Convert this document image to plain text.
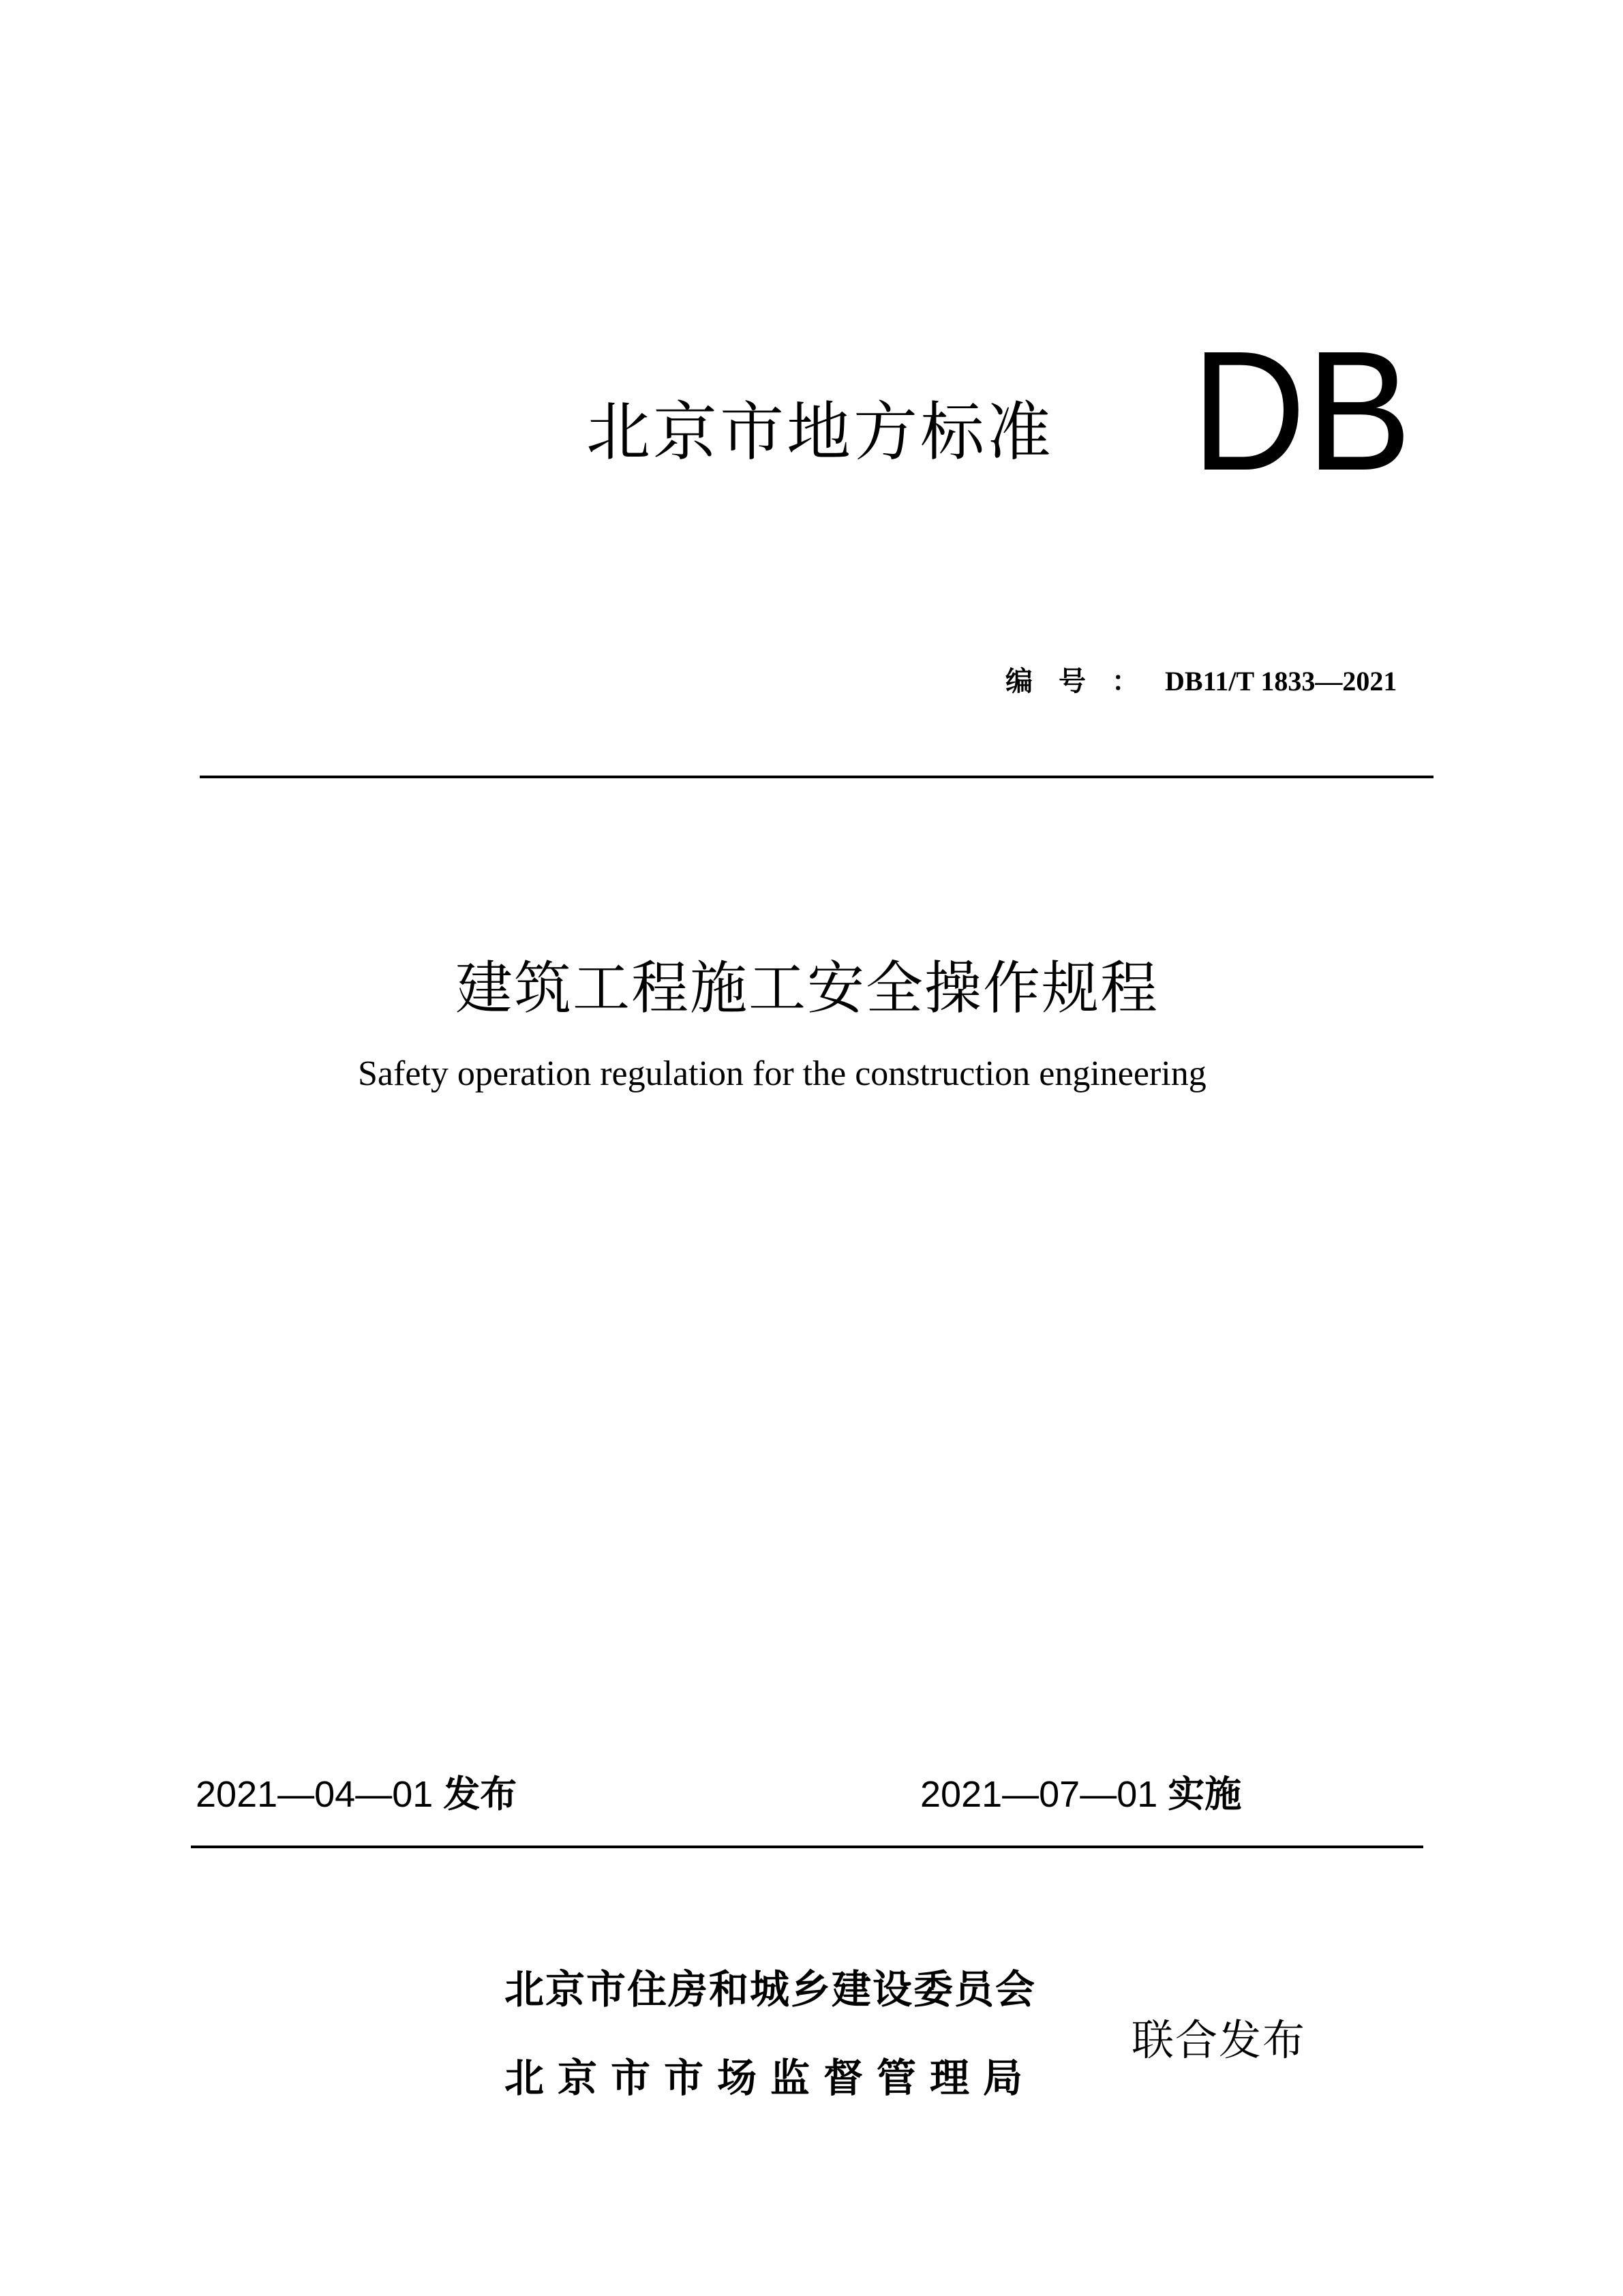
北京市地方标准 DB
编号：DB11/T 1833—2021
建筑工程施工安全操作规程
Safety operation regulation for the construction engineering
2021—04—01 发布	2021—07—01 实施
北京市住房和城乡建设委员会
北京市市场监督管理局
联合发布
